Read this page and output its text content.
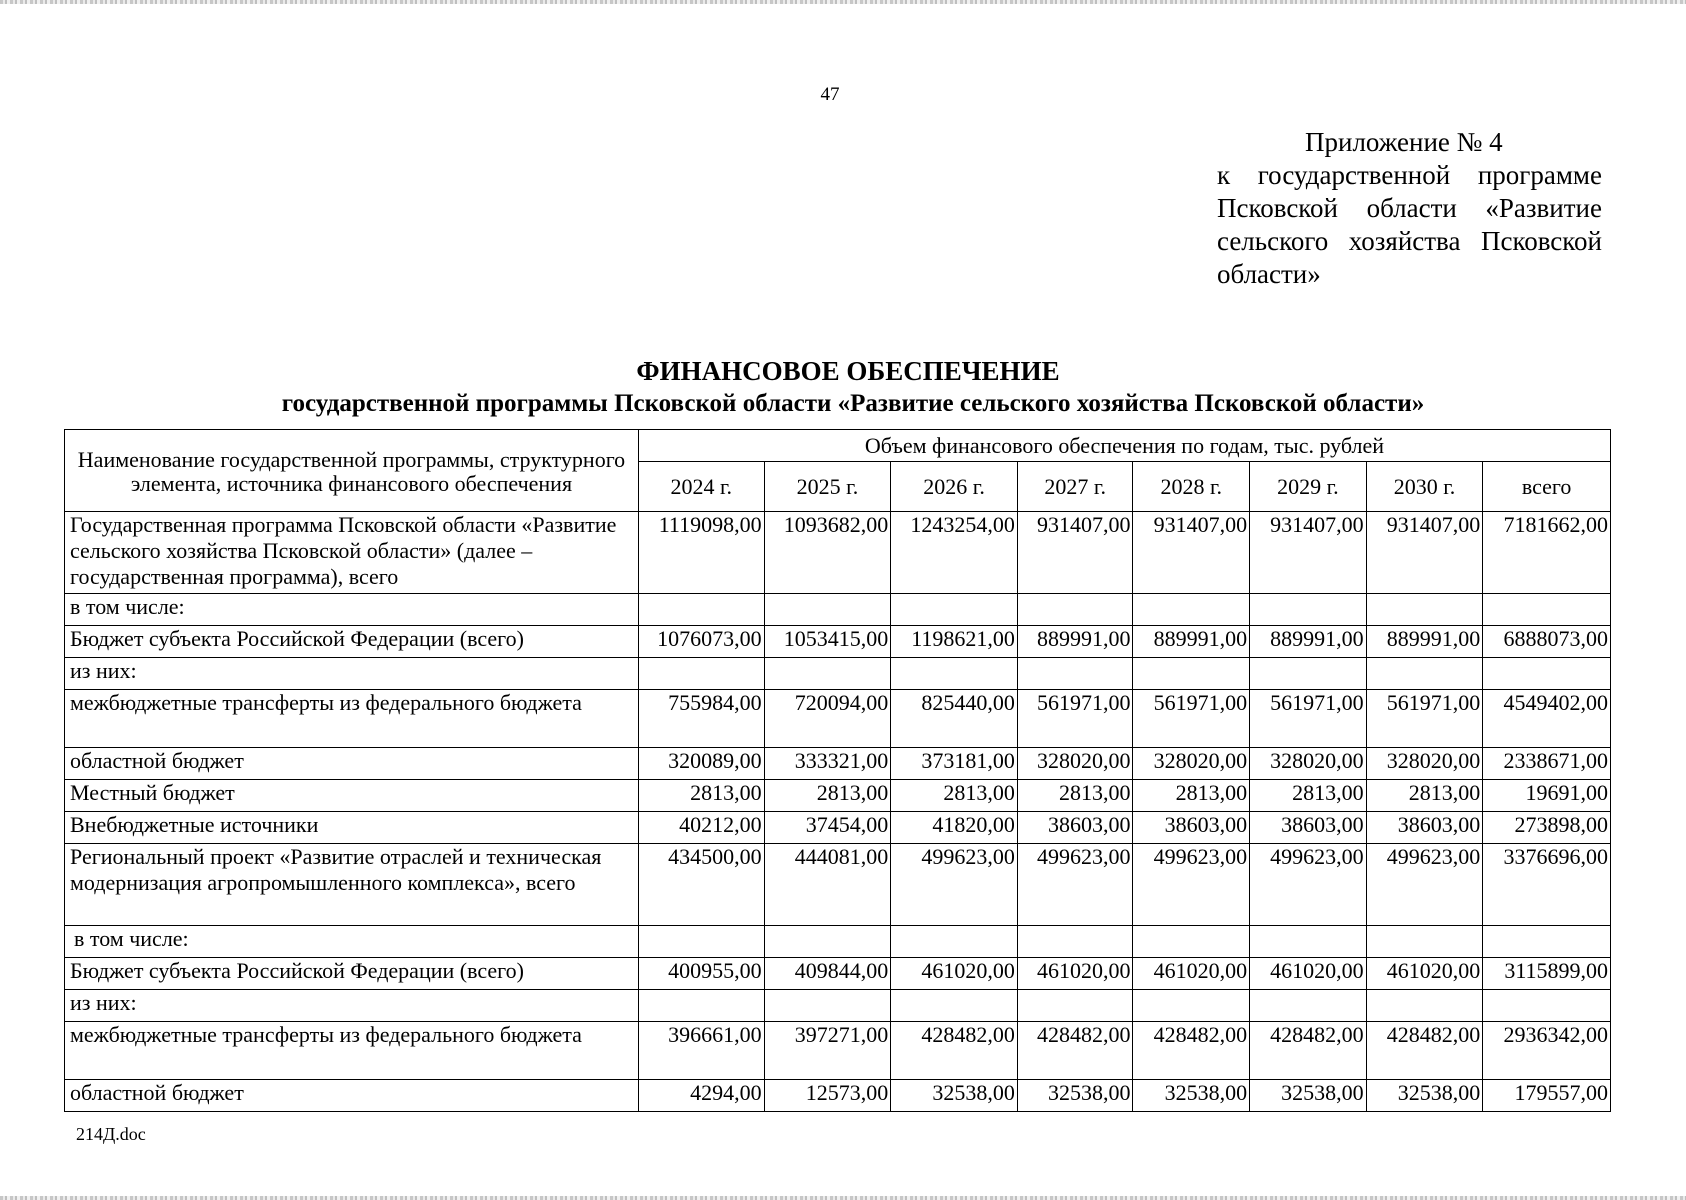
47
Приложение № 4
к государственной программе
Псковской области «Развитие
сельского хозяйства Псковской
области»
ФИНАНСОВОЕ ОБЕСПЕЧЕНИЕ
государственной программы Псковской области «Развитие сельского хозяйства Псковской области»
Наименование государственной программы, структурного элемента, источника финансового обеспечения	Объем финансового обеспечения по годам, тыс. рублей							
	2024 г.	2025 г.	2026 г.	2027 г.	2028 г.	2029 г.	2030 г.	всего
Государственная программа Псковской области «Развитие сельского хозяйства Псковской области» (далее – государственная программа), всего	1119098,00	1093682,00	1243254,00	931407,00	931407,00	931407,00	931407,00	7181662,00
в том числе:								
Бюджет субъекта Российской Федерации (всего)	1076073,00	1053415,00	1198621,00	889991,00	889991,00	889991,00	889991,00	6888073,00
из них:								
межбюджетные трансферты из федерального бюджета	755984,00	720094,00	825440,00	561971,00	561971,00	561971,00	561971,00	4549402,00
областной бюджет	320089,00	333321,00	373181,00	328020,00	328020,00	328020,00	328020,00	2338671,00
Местный бюджет	2813,00	2813,00	2813,00	2813,00	2813,00	2813,00	2813,00	19691,00
Внебюджетные источники	40212,00	37454,00	41820,00	38603,00	38603,00	38603,00	38603,00	273898,00
Региональный проект «Развитие отраслей и техническая модернизация агропромышленного комплекса», всего	434500,00	444081,00	499623,00	499623,00	499623,00	499623,00	499623,00	3376696,00
в том числе:								
Бюджет субъекта Российской Федерации (всего)	400955,00	409844,00	461020,00	461020,00	461020,00	461020,00	461020,00	3115899,00
из них:								
межбюджетные трансферты из федерального бюджета	396661,00	397271,00	428482,00	428482,00	428482,00	428482,00	428482,00	2936342,00
областной бюджет	4294,00	12573,00	32538,00	32538,00	32538,00	32538,00	32538,00	179557,00
214Д.doc
